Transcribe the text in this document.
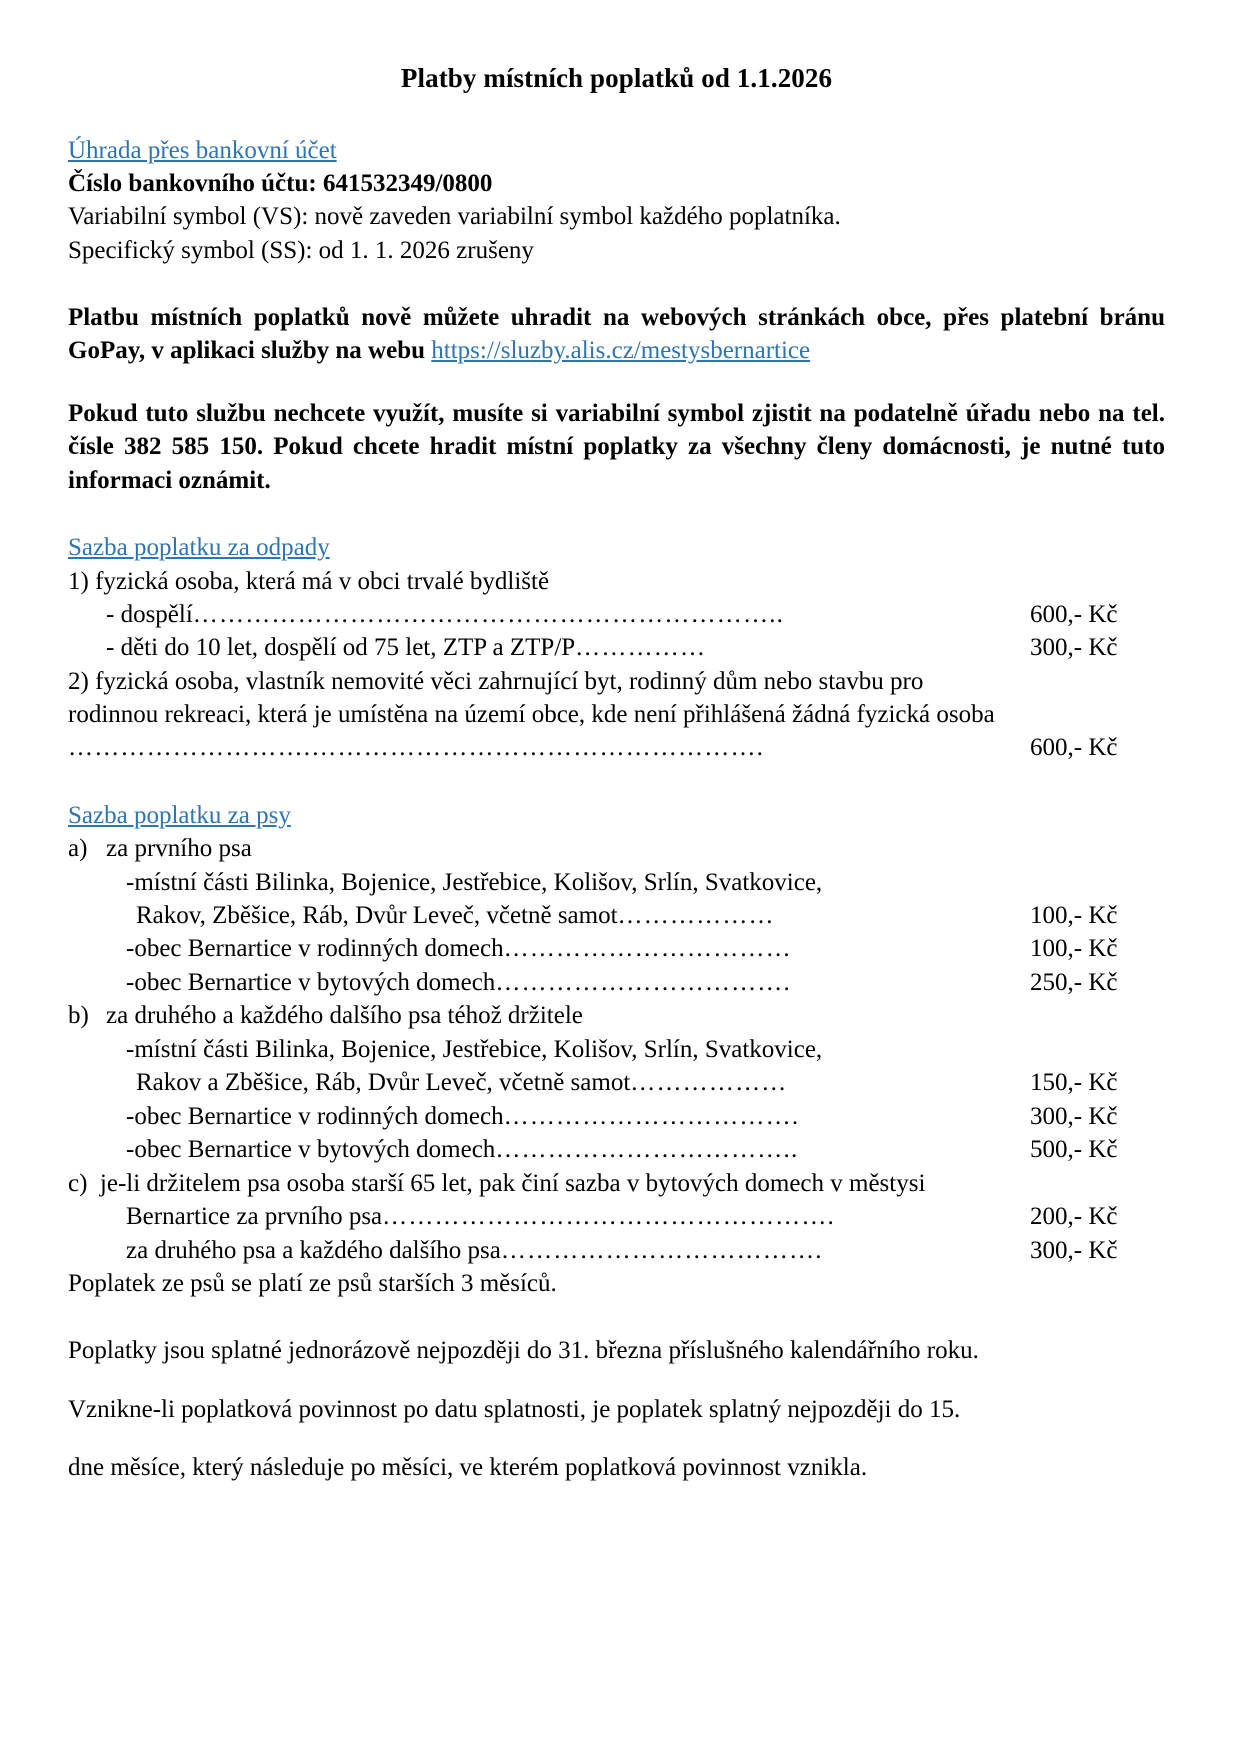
Platby místních poplatků od 1.1.2026
Úhrada přes bankovní účet

Číslo bankovního účtu: 641532349/0800

Variabilní symbol (VS): nově zaveden variabilní symbol každého poplatníka.

Specifický symbol (SS): od 1. 1. 2026 zrušeny

Platbu místních poplatků nově můžete uhradit na webových stránkách obce, přes platební bránu GoPay, v aplikaci služby na webu https://sluzby.alis.cz/mestysbernartice

Pokud tuto službu nechcete využít, musíte si variabilní symbol zjistit na podatelně úřadu nebo na tel. čísle 382 585 150. Pokud chcete hradit místní poplatky za všechny členy domácnosti, je nutné tuto informaci oznámit.

Sazba poplatku za odpady

1) fyzická osoba, která má v obci trvalé bydliště

- dospělí …………………………………………………………..	600,- Kč
- děti do 10 let, dospělí od 75 let, ZTP a ZTP/P ……………	300,- Kč

2) fyzická osoba, vlastník nemovité věci zahrnující byt, rodinný dům nebo stavbu pro

rodinnou rekreaci, která je umístěna na území obce, kde není přihlášená žádná fyzická osoba

……………………….…………………………………………….	600,- Kč
Sazba poplatku za psy
a) za prvního psa

-místní části Bilinka, Bojenice, Jestřebice, Kolišov, Srlín, Svatkovice,

Rakov, Zběšice, Ráb, Dvůr Leveč, včetně samot ………………	100,- Kč
-obec Bernartice v rodinných domech ……………………………	100,- Kč
-obec Bernartice v bytových domech …………………………….	250,- Kč
b) za druhého a každého dalšího psa téhož držitele

-místní části Bilinka, Bojenice, Jestřebice, Kolišov, Srlín, Svatkovice,

Rakov a Zběšice, Ráb, Dvůr Leveč, včetně samot ………………	150,- Kč
-obec Bernartice v rodinných domech …………………………….	300,- Kč
-obec Bernartice v bytových domech ……………………………..	500,- Kč
c) je-li držitelem psa osoba starší 65 let, pak činí sazba v bytových domech v městysi
Bernartice za prvního psa …………………………………………….	200,- Kč
za druhého psa a každého dalšího psa ……………………………….	300,- Kč

Poplatek ze psů se platí ze psů starších 3 měsíců.

Poplatky jsou splatné jednorázově nejpozději do 31. března příslušného kalendářního roku.

Vznikne-li poplatková povinnost po datu splatnosti, je poplatek splatný nejpozději do 15.

dne měsíce, který následuje po měsíci, ve kterém poplatková povinnost vznikla.
